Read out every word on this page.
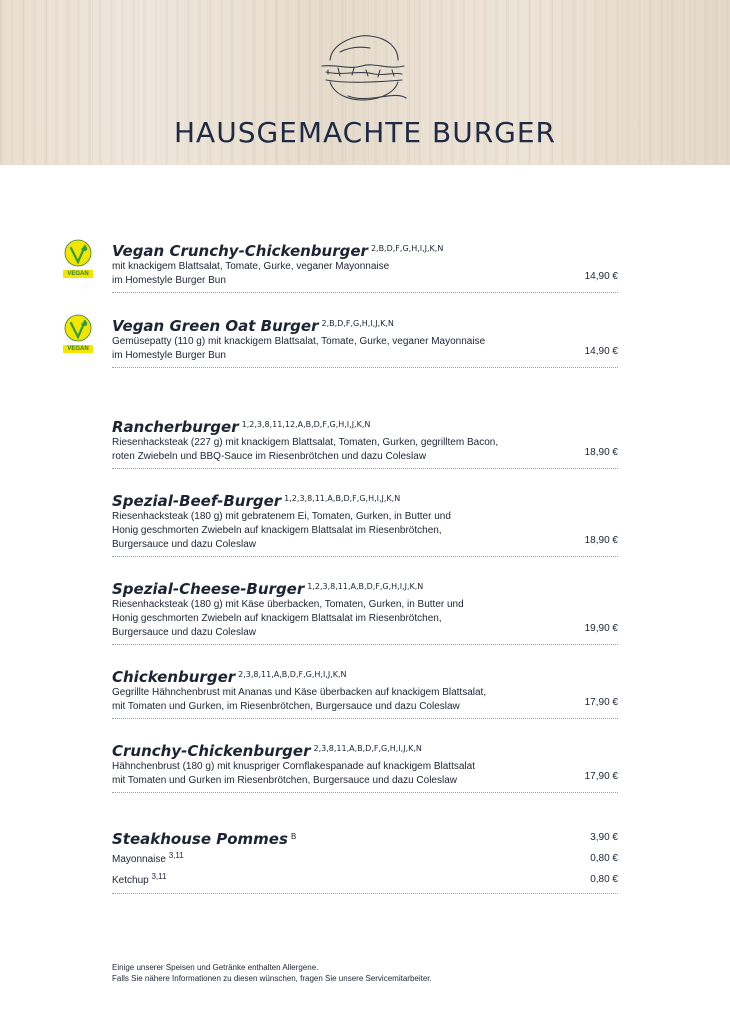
HAUSGEMACHTE BURGER
VEGAN
VEGAN
Vegan Crunchy-Chickenburger $^{2,B,D,F,G,H,I,J,K,N}$
mit knackigem Blattsalat, Tomate, Gurke, veganer Mayonnaise
im Homestyle Burger Bun	14,90 €
Vegan Green Oat Burger $^{2,B,D,F,G,H,I,J,K,N}$
Gemüsepatty (110 g) mit knackigem Blattsalat, Tomate, Gurke, veganer Mayonnaise
im Homestyle Burger Bun	14,90 €
Rancherburger $^{1,2,3,8,11,12,A,B,D,F,G,H,I,J,K,N}$
Riesenhacksteak (227 g) mit knackigem Blattsalat, Tomaten, Gurken, gegrilltem Bacon,
roten Zwiebeln und BBQ-Sauce im Riesenbrötchen und dazu Coleslaw	18,90 €
Spezial-Beef-Burger $^{1,2,3,8,11,A,B,D,F,G,H,I,J,K,N}$
Riesenhacksteak (180 g) mit gebratenem Ei, Tomaten, Gurken, in Butter und
Honig geschmorten Zwiebeln auf knackigem Blattsalat im Riesenbrötchen,
Burgersauce und dazu Coleslaw	18,90 €
Spezial-Cheese-Burger $^{1,2,3,8,11,A,B,D,F,G,H,I,J,K,N}$
Riesenhacksteak (180 g) mit Käse überbacken, Tomaten, Gurken, in Butter und
Honig geschmorten Zwiebeln auf knackigem Blattsalat im Riesenbrötchen,
Burgersauce und dazu Coleslaw	19,90 €
Chickenburger $^{2,3,8,11,A,B,D,F,G,H,I,J,K,N}$
Gegrillte Hähnchenbrust mit Ananas und Käse überbacken auf knackigem Blattsalat,
mit Tomaten und Gurken, im Riesenbrötchen, Burgersauce und dazu Coleslaw	17,90 €
Crunchy-Chickenburger $^{2,3,8,11,A,B,D,F,G,H,I,J,K,N}$
Hähnchenbrust (180 g) mit knuspriger Cornflakespanade auf knackigem Blattsalat
mit Tomaten und Gurken im Riesenbrötchen, Burgersauce und dazu Coleslaw	17,90 €
Steakhouse Pommes $^B$	3,90 €
Mayonnaise $^{3,11}$	0,80 €
Ketchup $^{3,11}$	0,80 €
Einige unserer Speisen und Getränke enthalten Allergene.
Falls Sie nähere Informationen zu diesen wünschen, fragen Sie unsere Servicemitarbeiter.
